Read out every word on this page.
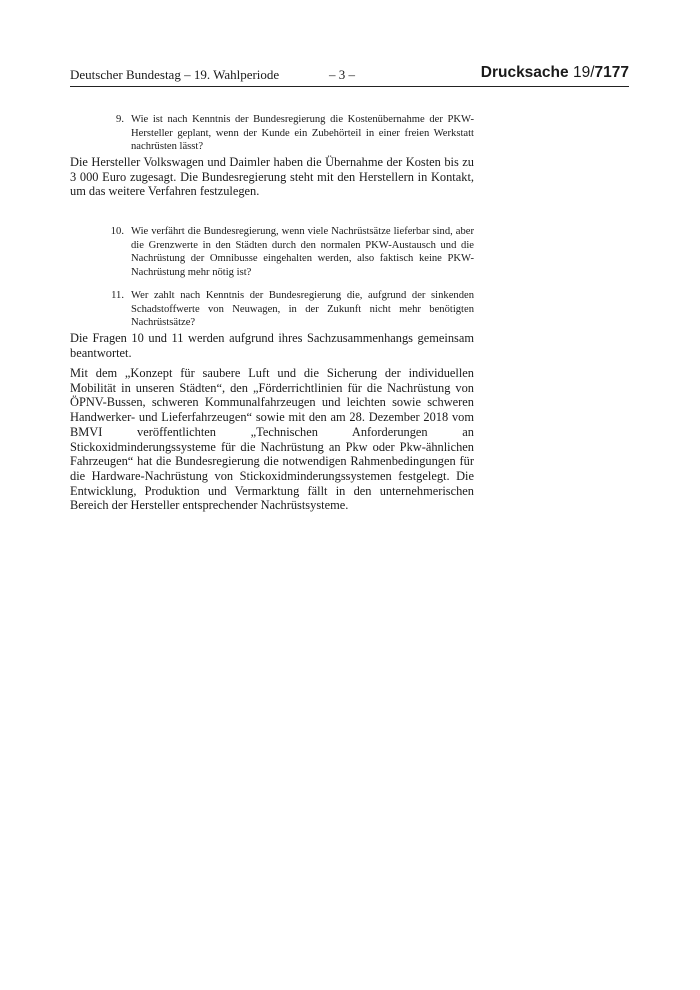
Deutscher Bundestag – 19. Wahlperiode	– 3 –	Drucksache 19/7177
9. Wie ist nach Kenntnis der Bundesregierung die Kostenübernahme der PKW-Hersteller geplant, wenn der Kunde ein Zubehörteil in einer freien Werkstatt nachrüsten lässt?
Die Hersteller Volkswagen und Daimler haben die Übernahme der Kosten bis zu 3 000 Euro zugesagt. Die Bundesregierung steht mit den Herstellern in Kontakt, um das weitere Verfahren festzulegen.
10. Wie verfährt die Bundesregierung, wenn viele Nachrüstsätze lieferbar sind, aber die Grenzwerte in den Städten durch den normalen PKW-Austausch und die Nachrüstung der Omnibusse eingehalten werden, also faktisch keine PKW-Nachrüstung mehr nötig ist?
11. Wer zahlt nach Kenntnis der Bundesregierung die, aufgrund der sinkenden Schadstoffwerte von Neuwagen, in der Zukunft nicht mehr benötigten Nachrüstsätze?
Die Fragen 10 und 11 werden aufgrund ihres Sachzusammenhangs gemeinsam beantwortet.
Mit dem „Konzept für saubere Luft und die Sicherung der individuellen Mobilität in unseren Städten“, den „Förderrichtlinien für die Nachrüstung von ÖPNV-Bussen, schweren Kommunalfahrzeugen und leichten sowie schweren Handwerker- und Lieferfahrzeugen“ sowie mit den am 28. Dezember 2018 vom BMVI veröffentlichten „Technischen Anforderungen an Stickoxidminderungssysteme für die Nachrüstung an Pkw oder Pkw-ähnlichen Fahrzeugen“ hat die Bundesregierung die notwendigen Rahmenbedingungen für die Hardware-Nachrüstung von Stickoxidminderungssystemen festgelegt. Die Entwicklung, Produktion und Vermarktung fällt in den unternehmerischen Bereich der Hersteller entsprechender Nachrüstsysteme.
